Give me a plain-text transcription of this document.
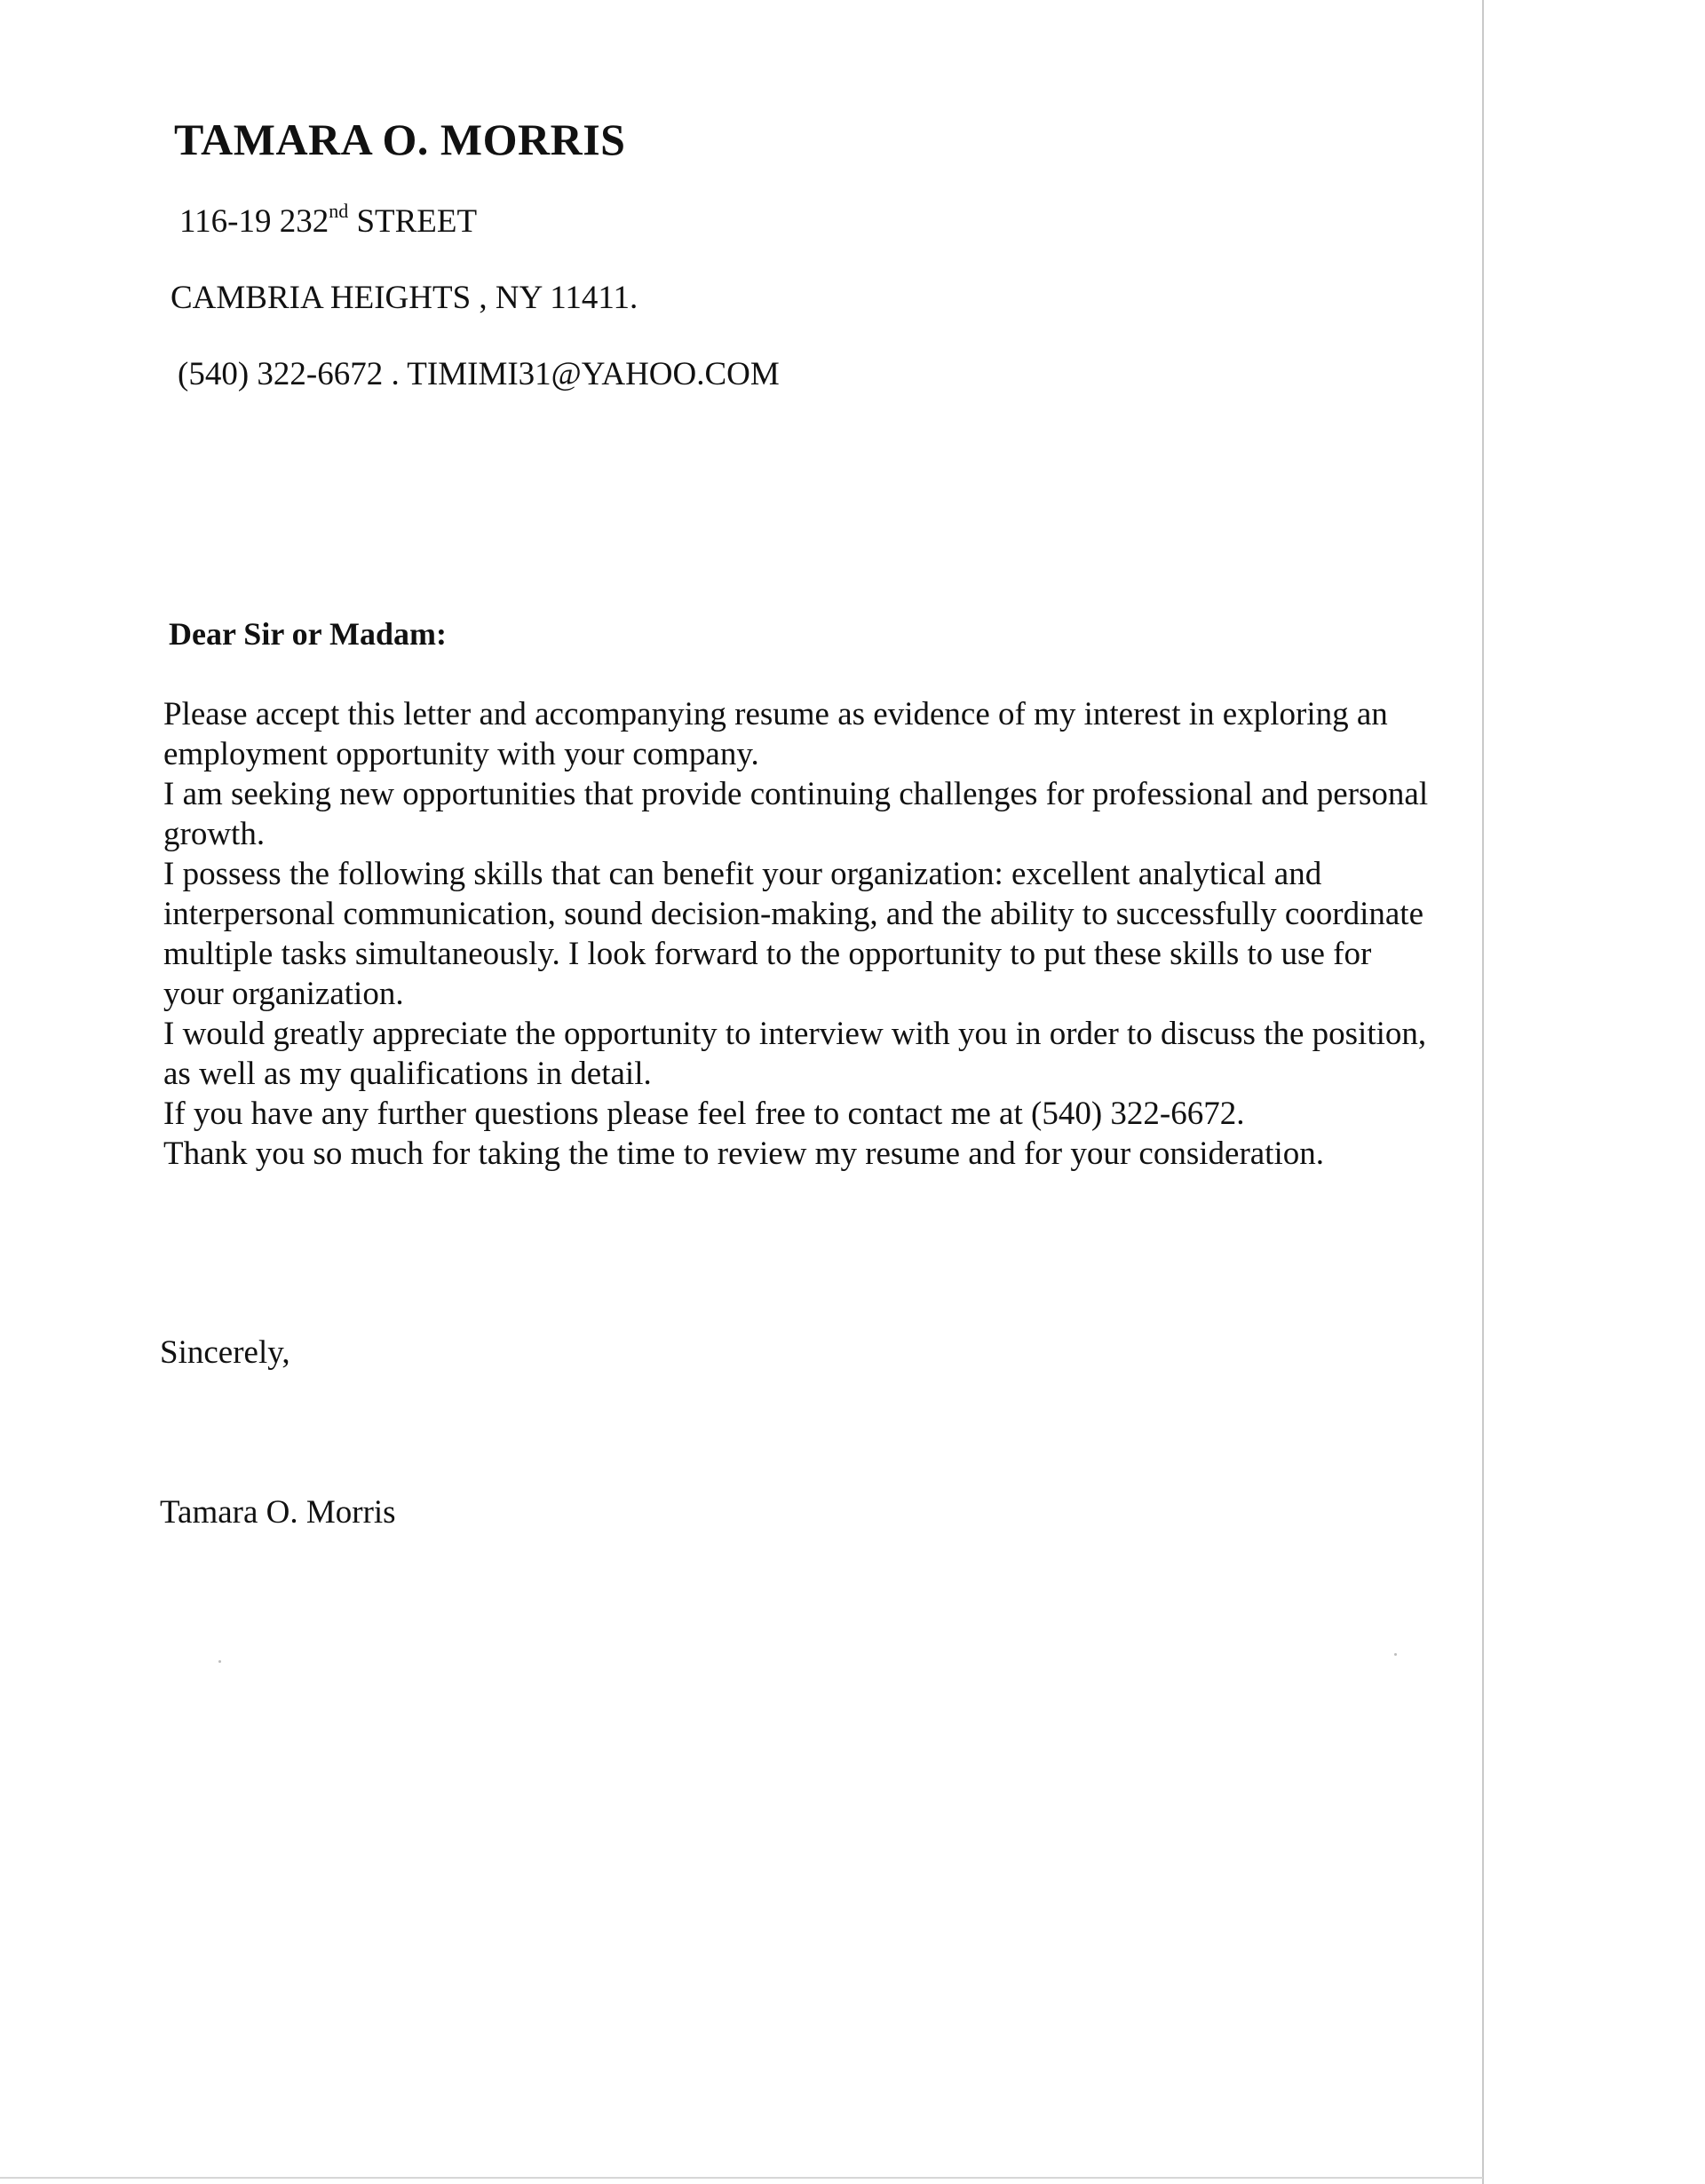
TAMARA O. MORRIS
116-19 232nd STREET
CAMBRIA HEIGHTS , NY 11411.
(540) 322-6672 . TIMIMI31@YAHOO.COM
Dear Sir or Madam:
Please accept this letter and accompanying resume as evidence of my interest in exploring an
employment opportunity with your company.
I am seeking new opportunities that provide continuing challenges for professional and personal
growth.
I possess the following skills that can benefit your organization: excellent analytical and
interpersonal communication, sound decision-making, and the ability to successfully coordinate
multiple tasks simultaneously. I look forward to the opportunity to put these skills to use for
your organization.
I would greatly appreciate the opportunity to interview with you in order to discuss the position,
as well as my qualifications in detail.
If you have any further questions please feel free to contact me at (540) 322-6672.
Thank you so much for taking the time to review my resume and for your consideration.
Sincerely,
Tamara O. Morris
